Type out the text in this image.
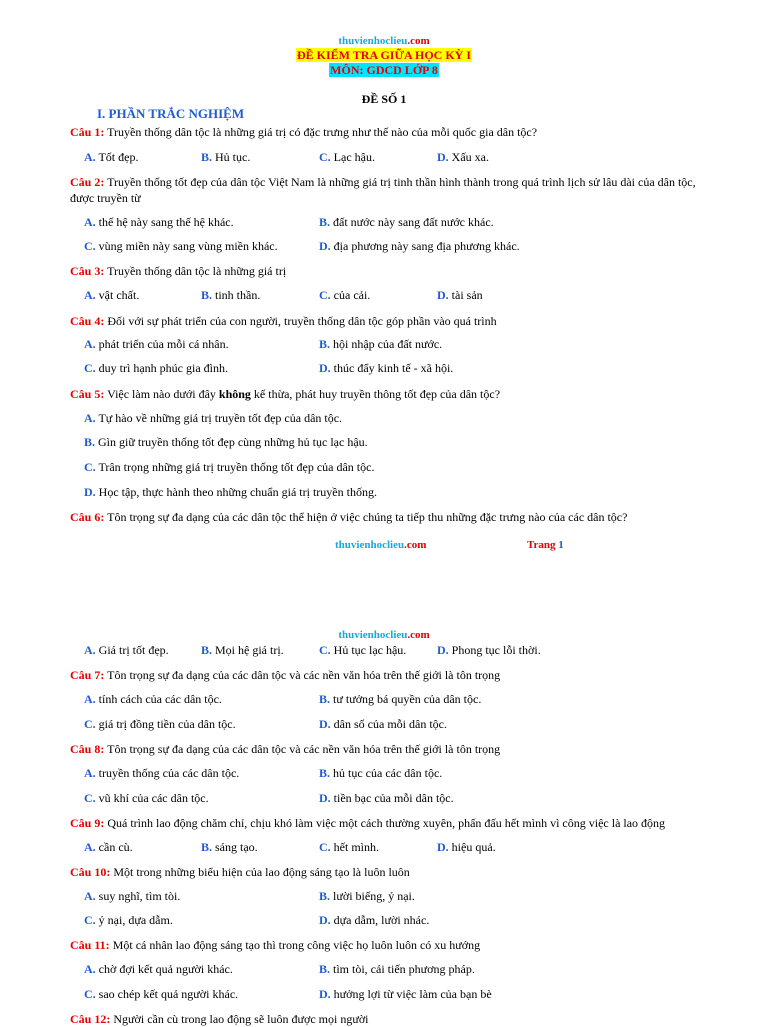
thuvienhoclieu.com
ĐỀ KIỂM TRA GIỮA HỌC KỲ I
MÔN: GDCD LỚP 8
ĐỀ SỐ 1
I. PHẦN TRẮC NGHIỆM
Câu 1: Truyền thống dân tộc là những giá trị có đặc trưng như thế nào của mỗi quốc gia dân tộc?
A. Tốt đẹp.	B. Hủ tục.	C. Lạc hậu.	D. Xấu xa.
Câu 2: Truyền thống tốt đẹp của dân tộc Việt Nam là những giá trị tinh thần hình thành trong quá trình lịch sử lâu dài của dân tộc, được truyền từ
A. thế hệ này sang thế hệ khác.	B. đất nước này sang đất nước khác.
C. vùng miền này sang vùng miền khác.	D. địa phương này sang địa phương khác.
Câu 3: Truyền thống dân tộc là những giá trị
A. vật chất.	B. tinh thần.	C. của cải.	D. tài sản
Câu 4: Đối với sự phát triển của con người, truyền thống dân tộc góp phần vào quá trình
A. phát triển của mỗi cá nhân.	B. hội nhập của đất nước.
C. duy trì hạnh phúc gia đình.	D. thúc đẩy kinh tế - xã hội.
Câu 5: Việc làm nào dưới đây không kế thừa, phát huy truyền thông tốt đẹp của dân tộc?
A. Tự hào về những giá trị truyền tốt đẹp của dân tộc.
B. Gìn giữ truyền thống tốt đẹp cùng những hủ tục lạc hậu.
C. Trân trọng những giá trị truyền thống tốt đẹp của dân tộc.
D. Học tập, thực hành theo những chuẩn giá trị truyền thống.
Câu 6: Tôn trọng sự đa dạng của các dân tộc thể hiện ở việc chúng ta tiếp thu những đặc trưng nào của các dân tộc?
thuvienhoclieu.com	Trang 1
thuvienhoclieu.com
A. Giá trị tốt đẹp.	B. Mọi hệ giá trị.	C. Hủ tục lạc hậu.	D. Phong tục lỗi thời.
Câu 7: Tôn trọng sự đa dạng của các dân tộc và các nền văn hóa trên thế giới là tôn trọng
A. tính cách của các dân tộc.	B. tư tưởng bá quyền của dân tộc.
C. giá trị đồng tiền của dân tộc.	D. dân số của mỗi dân tộc.
Câu 8: Tôn trọng sự đa dạng của các dân tộc và các nền văn hóa trên thế giới là tôn trọng
A. truyền thống của các dân tộc.	B. hủ tục của các dân tộc.
C. vũ khí của các dân tộc.	D. tiền bạc của mỗi dân tộc.
Câu 9: Quá trình lao động chăm chỉ, chịu khó làm việc một cách thường xuyên, phấn đấu hết mình vì công việc là lao động
A. cần cù.	B. sáng tạo.	C. hết mình.	D. hiệu quả.
Câu 10: Một trong những biểu hiện của lao động sáng tạo là luôn luôn
A. suy nghĩ, tìm tòi.	B. lười biếng, ỷ nại.
C. ỷ nại, dựa dẫm.	D. dựa dẫm, lười nhác.
Câu 11: Một cá nhân lao động sáng tạo thì trong công việc họ luôn luôn có xu hướng
A. chờ đợi kết quả người khác.	B. tìm tòi, cải tiến phương pháp.
C. sao chép kết quả người khác.	D. hưởng lợi từ việc làm của bạn bè
Câu 12: Người cần cù trong lao động sẽ luôn được mọi người
